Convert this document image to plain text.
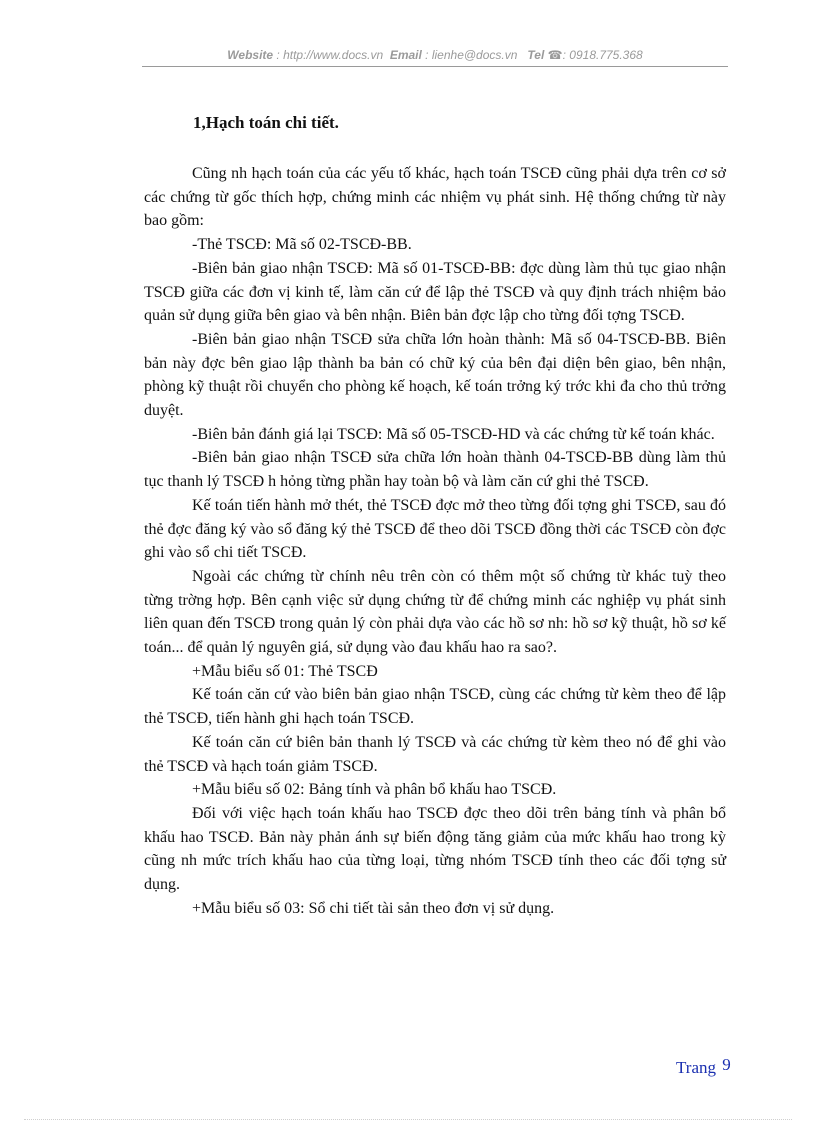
Website : http://www.docs.vn Email : lienhe@docs.vn Tel ☎: 0918.775.368
1,Hạch toán chi tiết.

Cũng nh hạch toán của các yếu tố khác, hạch toán TSCĐ cũng phải dựa trên cơ sở các chứng từ gốc thích hợp, chứng minh các nhiệm vụ phát sinh. Hệ thống chứng từ này bao gồm:

-Thẻ TSCĐ: Mã số 02-TSCĐ-BB.

-Biên bản giao nhận TSCĐ: Mã số 01-TSCĐ-BB: đợc dùng làm thủ tục giao nhận TSCĐ giữa các đơn vị kinh tế, làm căn cứ để lập thẻ TSCĐ và quy định trách nhiệm bảo quản sử dụng giữa bên giao và bên nhận. Biên bản đợc lập cho từng đối tợng TSCĐ.

-Biên bản giao nhận TSCĐ sửa chữa lớn hoàn thành: Mã số 04-TSCĐ-BB. Biên bản này đợc bên giao lập thành ba bản có chữ ký của bên đại diện bên giao, bên nhận, phòng kỹ thuật rồi chuyển cho phòng kế hoạch, kế toán trởng ký trớc khi đa cho thủ trởng duyệt.

-Biên bản đánh giá lại TSCĐ: Mã số 05-TSCĐ-HD và các chứng từ kế toán khác.

-Biên bản giao nhận TSCĐ sửa chữa lớn hoàn thành 04-TSCĐ-BB dùng làm thủ tục thanh lý TSCĐ h hỏng từng phần hay toàn bộ và làm căn cứ ghi thẻ TSCĐ.

Kế toán tiến hành mở thét, thẻ TSCĐ đợc mở theo từng đối tợng ghi TSCĐ, sau đó thẻ đợc đăng ký vào sổ đăng ký thẻ TSCĐ để theo dõi TSCĐ đồng thời các TSCĐ còn đợc ghi vào sổ chi tiết TSCĐ.

Ngoài các chứng từ chính nêu trên còn có thêm một số chứng từ khác tuỳ theo từng trờng hợp. Bên cạnh việc sử dụng chứng từ để chứng minh các nghiệp vụ phát sinh liên quan đến TSCĐ trong quản lý còn phải dựa vào các hồ sơ nh: hồ sơ kỹ thuật, hồ sơ kế toán... để quản lý nguyên giá, sử dụng vào đau khấu hao ra sao?.

+Mẫu biểu số 01: Thẻ TSCĐ

Kế toán căn cứ vào biên bản giao nhận TSCĐ, cùng các chứng từ kèm theo để lập thẻ TSCĐ, tiến hành ghi hạch toán TSCĐ.

Kế toán căn cứ biên bản thanh lý TSCĐ và các chứng từ kèm theo nó để ghi vào thẻ TSCĐ và hạch toán giảm TSCĐ.

+Mẫu biểu số 02: Bảng tính và phân bổ khấu hao TSCĐ.

Đối với việc hạch toán khấu hao TSCĐ đợc theo dõi trên bảng tính và phân bổ khấu hao TSCĐ. Bản này phản ánh sự biến động tăng giảm của mức khấu hao trong kỳ cũng nh mức trích khấu hao của từng loại, từng nhóm TSCĐ tính theo các đối tợng sử dụng.

+Mẫu biểu số 03: Sổ chi tiết tài sản theo đơn vị sử dụng.

Trang 9
